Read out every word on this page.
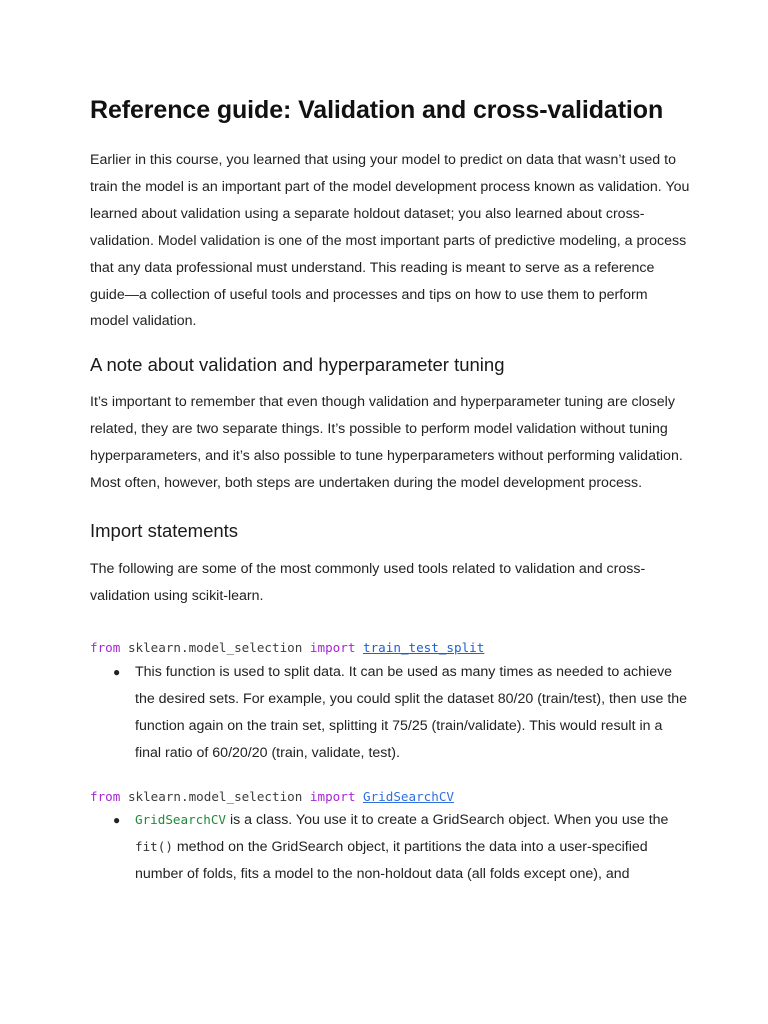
Reference guide: Validation and cross-validation

Earlier in this course, you learned that using your model to predict on data that wasn’t used to train the model is an important part of the model development process known as validation. You learned about validation using a separate holdout dataset; you also learned about cross-validation. Model validation is one of the most important parts of predictive modeling, a process that any data professional must understand. This reading is meant to serve as a reference guide—a collection of useful tools and processes and tips on how to use them to perform model validation.

A note about validation and hyperparameter tuning

It’s important to remember that even though validation and hyperparameter tuning are closely related, they are two separate things. It’s possible to perform model validation without tuning hyperparameters, and it’s also possible to tune hyperparameters without performing validation. Most often, however, both steps are undertaken during the model development process.

Import statements

The following are some of the most commonly used tools related to validation and cross-validation using scikit-learn.

from sklearn.model_selection import train_test_split
● This function is used to split data. It can be used as many times as needed to achieve the desired sets. For example, you could split the dataset 80/20 (train/test), then use the function again on the train set, splitting it 75/25 (train/validate). This would result in a final ratio of 60/20/20 (train, validate, test).
from sklearn.model_selection import GridSearchCV
● GridSearchCV is a class. You use it to create a GridSearch object. When you use the fit() method on the GridSearch object, it partitions the data into a user-specified number of folds, fits a model to the non-holdout data (all folds except one), and
